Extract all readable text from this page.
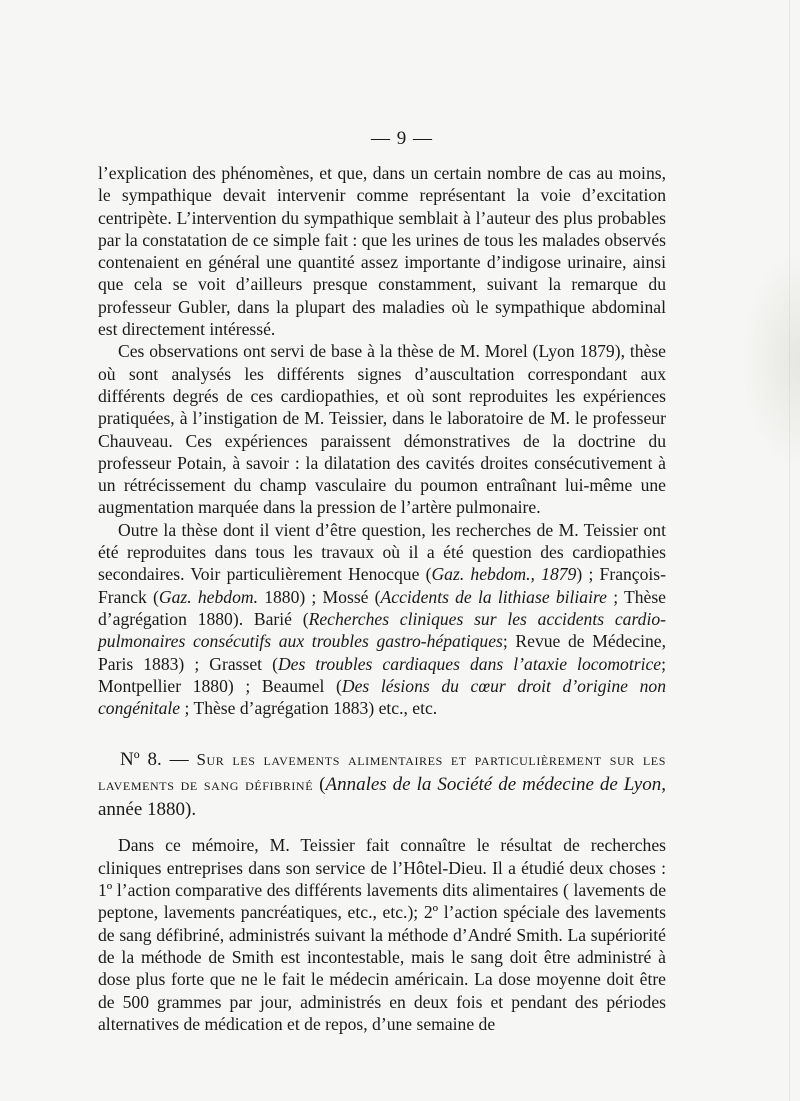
— 9 —

l’explication des phénomènes, et que, dans un certain nombre de cas au moins, le sympathique devait intervenir comme représentant la voie d’excitation centripète. L’intervention du sympathique semblait à l’auteur des plus probables par la constatation de ce simple fait : que les urines de tous les malades observés contenaient en général une quantité assez importante d’indigose urinaire, ainsi que cela se voit d’ailleurs presque constamment, suivant la remarque du professeur Gubler, dans la plupart des maladies où le sympathique abdominal est directement intéressé.

Ces observations ont servi de base à la thèse de M. Morel (Lyon 1879), thèse où sont analysés les différents signes d’auscultation correspondant aux différents degrés de ces cardiopathies, et où sont reproduites les expériences pratiquées, à l’instigation de M. Teissier, dans le laboratoire de M. le professeur Chauveau. Ces expériences paraissent démonstratives de la doctrine du professeur Potain, à savoir : la dilatation des cavités droites consécutivement à un rétrécissement du champ vasculaire du poumon entraînant lui-même une augmentation marquée dans la pression de l’artère pulmonaire.

Outre la thèse dont il vient d’être question, les recherches de M. Teissier ont été reproduites dans tous les travaux où il a été question des cardiopathies secondaires. Voir particulièrement Henocque (Gaz. hebdom., 1879) ; François-Franck (Gaz. hebdom. 1880) ; Mossé (Accidents de la lithiase biliaire ; Thèse d’agrégation 1880). Barié (Recherches cliniques sur les accidents cardio-pulmonaires consécutifs aux troubles gastro-hépatiques; Revue de Médecine, Paris 1883) ; Grasset (Des troubles cardiaques dans l’ataxie locomotrice; Montpellier 1880) ; Beaumel (Des lésions du cœur droit d’origine non congénitale ; Thèse d’agrégation 1883) etc., etc.

Nº 8. — Sur les lavements alimentaires et particulièrement sur les lavements de sang défibriné (Annales de la Société de médecine de Lyon, année 1880).

Dans ce mémoire, M. Teissier fait connaître le résultat de recherches cliniques entreprises dans son service de l’Hôtel-Dieu. Il a étudié deux choses : 1º l’action comparative des différents lavements dits alimentaires ( lavements de peptone, lavements pancréatiques, etc., etc.); 2º l’action spéciale des lavements de sang défibriné, administrés suivant la méthode d’André Smith. La supériorité de la méthode de Smith est incontestable, mais le sang doit être administré à dose plus forte que ne le fait le médecin américain. La dose moyenne doit être de 500 grammes par jour, administrés en deux fois et pendant des périodes alternatives de médication et de repos, d’une semaine de
